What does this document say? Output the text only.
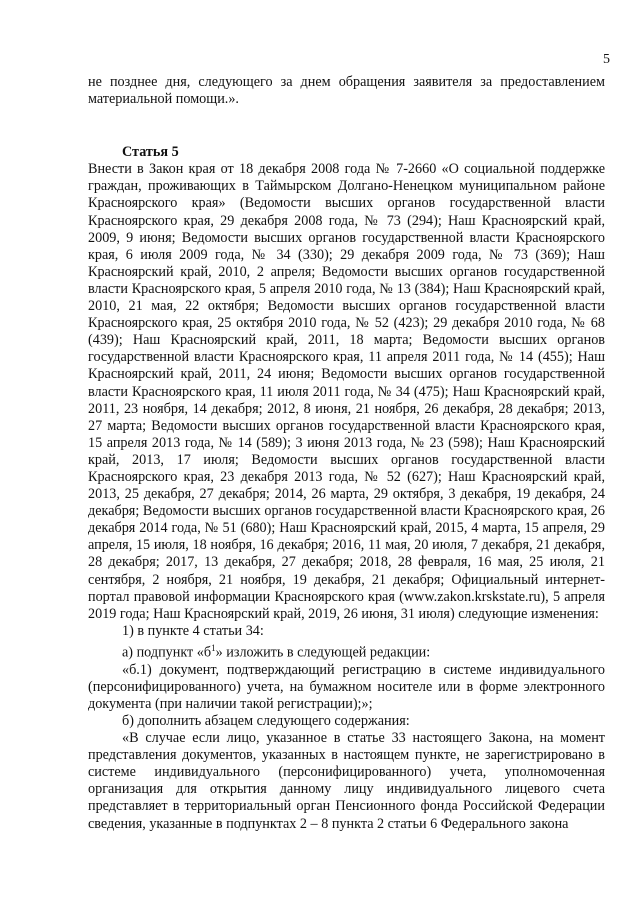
5

не позднее дня, следующего за днем обращения заявителя за предоставлением материальной помощи.».

Статья 5
Внести в Закон края от 18 декабря 2008 года № 7-2660 «О социальной поддержке граждан, проживающих в Таймырском Долгано-Ненецком муниципальном районе Красноярского края» (Ведомости высших органов государственной власти Красноярского края, 29 декабря 2008 года, № 73 (294); Наш Красноярский край, 2009, 9 июня; Ведомости высших органов государственной власти Красноярского края, 6 июля 2009 года, № 34 (330); 29 декабря 2009 года, № 73 (369); Наш Красноярский край, 2010, 2 апреля; Ведомости высших органов государственной власти Красноярского края, 5 апреля 2010 года, № 13 (384); Наш Красноярский край, 2010, 21 мая, 22 октября; Ведомости высших органов государственной власти Красноярского края, 25 октября 2010 года, № 52 (423); 29 декабря 2010 года, № 68 (439); Наш Красноярский край, 2011, 18 марта; Ведомости высших органов государственной власти Красноярского края, 11 апреля 2011 года, № 14 (455); Наш Красноярский край, 2011, 24 июня; Ведомости высших органов государственной власти Красноярского края, 11 июля 2011 года, № 34 (475); Наш Красноярский край, 2011, 23 ноября, 14 декабря; 2012, 8 июня, 21 ноября, 26 декабря, 28 декабря; 2013, 27 марта; Ведомости высших органов государственной власти Красноярского края, 15 апреля 2013 года, № 14 (589); 3 июня 2013 года, № 23 (598); Наш Красноярский край, 2013, 17 июля; Ведомости высших органов государственной власти Красноярского края, 23 декабря 2013 года, № 52 (627); Наш Красноярский край, 2013, 25 декабря, 27 декабря; 2014, 26 марта, 29 октября, 3 декабря, 19 декабря, 24 декабря; Ведомости высших органов государственной власти Красноярского края, 26 декабря 2014 года, № 51 (680); Наш Красноярский край, 2015, 4 марта, 15 апреля, 29 апреля, 15 июля, 18 ноября, 16 декабря; 2016, 11 мая, 20 июля, 7 декабря, 21 декабря, 28 декабря; 2017, 13 декабря, 27 декабря; 2018, 28 февраля, 16 мая, 25 июля, 21 сентября, 2 ноября, 21 ноября, 19 декабря, 21 декабря; Официальный интернет-портал правовой информации Красноярского края (www.zakon.krskstate.ru), 5 апреля 2019 года; Наш Красноярский край, 2019, 26 июня, 31 июля) следующие изменения:

1) в пункте 4 статьи 34:

а) подпункт «$б^1$» изложить в следующей редакции:

«б.1) документ, подтверждающий регистрацию в системе индивидуального (персонифицированного) учета, на бумажном носителе или в форме электронного документа (при наличии такой регистрации);»;

б) дополнить абзацем следующего содержания:

«В случае если лицо, указанное в статье 33 настоящего Закона, на момент представления документов, указанных в настоящем пункте, не зарегистрировано в системе индивидуального (персонифицированного) учета, уполномоченная организация для открытия данному лицу индивидуального лицевого счета представляет в территориальный орган Пенсионного фонда Российской Федерации сведения, указанные в подпунктах 2 – 8 пункта 2 статьи 6 Федерального закона
